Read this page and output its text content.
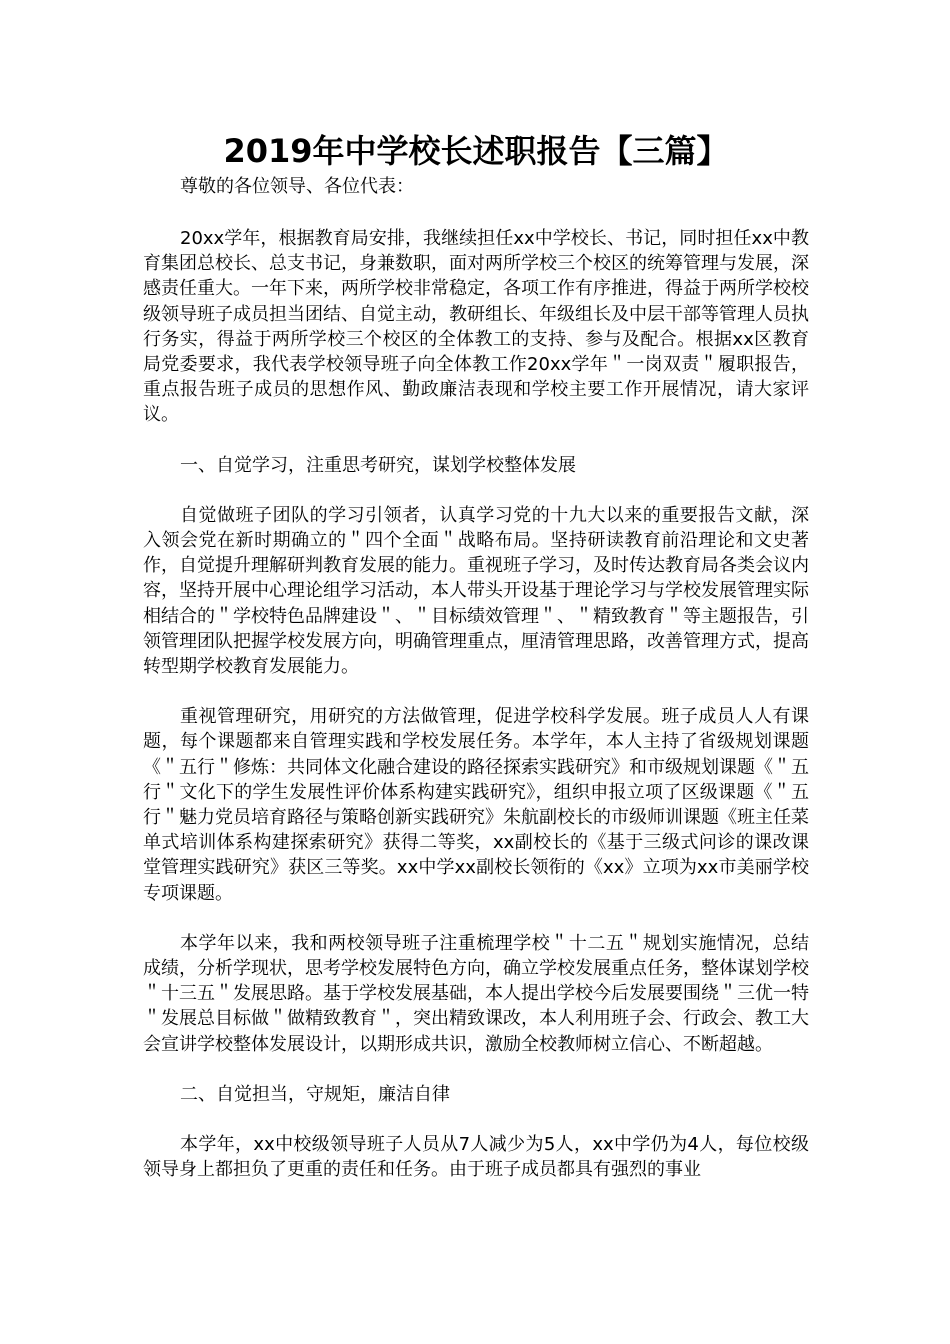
2019年中学校长述职报告【三篇】

尊敬的各位领导、各位代表：

20xx学年，根据教育局安排，我继续担任xx中学校长、书记，同时担任xx中教育集团总校长、总支书记，身兼数职，面对两所学校三个校区的统筹管理与发展，深感责任重大。一年下来，两所学校非常稳定，各项工作有序推进，得益于两所学校校级领导班子成员担当团结、自觉主动，教研组长、年级组长及中层干部等管理人员执行务实，得益于两所学校三个校区的全体教工的支持、参与及配合。根据xx区教育局党委要求，我代表学校领导班子向全体教工作20xx学年＂一岗双责＂履职报告，重点报告班子成员的思想作风、勤政廉洁表现和学校主要工作开展情况，请大家评议。

一、自觉学习，注重思考研究，谋划学校整体发展

自觉做班子团队的学习引领者，认真学习党的十九大以来的重要报告文献，深入领会党在新时期确立的＂四个全面＂战略布局。坚持研读教育前沿理论和文史著作，自觉提升理解研判教育发展的能力。重视班子学习，及时传达教育局各类会议内容，坚持开展中心理论组学习活动，本人带头开设基于理论学习与学校发展管理实际相结合的＂学校特色品牌建设＂、＂目标绩效管理＂、＂精致教育＂等主题报告，引领管理团队把握学校发展方向，明确管理重点，厘清管理思路，改善管理方式，提高转型期学校教育发展能力。

重视管理研究，用研究的方法做管理，促进学校科学发展。班子成员人人有课题，每个课题都来自管理实践和学校发展任务。本学年，本人主持了省级规划课题《＂五行＂修炼：共同体文化融合建设的路径探索实践研究》和市级规划课题《＂五行＂文化下的学生发展性评价体系构建实践研究》，组织申报立项了区级课题《＂五行＂魅力党员培育路径与策略创新实践研究》朱航副校长的市级师训课题《班主任菜单式培训体系构建探索研究》获得二等奖，xx副校长的《基于三级式问诊的课改课堂管理实践研究》获区三等奖。xx中学xx副校长领衔的《xx》立项为xx市美丽学校专项课题。

本学年以来，我和两校领导班子注重梳理学校＂十二五＂规划实施情况，总结成绩，分析学现状，思考学校发展特色方向，确立学校发展重点任务，整体谋划学校＂十三五＂发展思路。基于学校发展基础，本人提出学校今后发展要围绕＂三优一特＂发展总目标做＂做精致教育＂，突出精致课改，本人利用班子会、行政会、教工大会宣讲学校整体发展设计，以期形成共识，激励全校教师树立信心、不断超越。

二、自觉担当，守规矩，廉洁自律

本学年，xx中校级领导班子人员从7人减少为5人，xx中学仍为4人，每位校级领导身上都担负了更重的责任和任务。由于班子成员都具有强烈的事业
